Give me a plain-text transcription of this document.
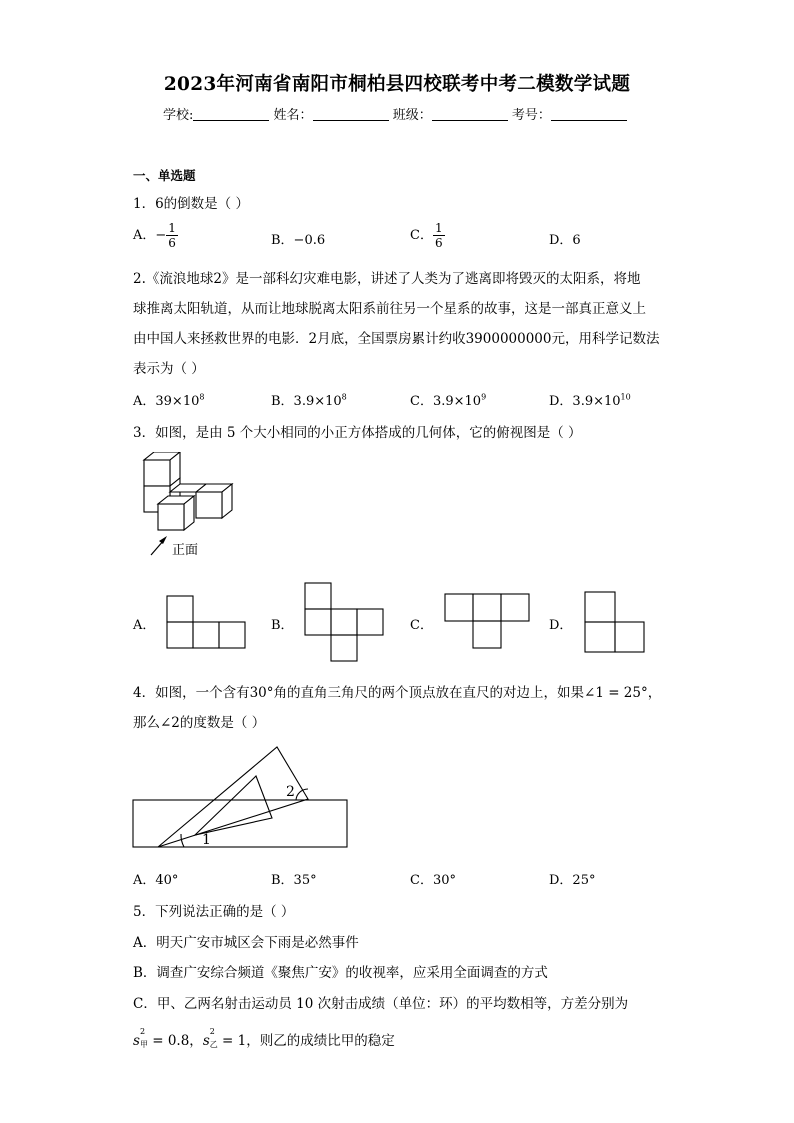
2023年河南省南阳市桐柏县四校联考中考二模数学试题
学校:	姓名：	班级：	考号：
一、单选题
1．6的倒数是（ ）
A．− $\frac{1}{6}$	B．−0.6	C． $\frac{1}{6}$	D．6
2.《流浪地球2》是一部科幻灾难电影，讲述了人类为了逃离即将毁灭的太阳系，将地
球推离太阳轨道，从而让地球脱离太阳系前往另一个星系的故事，这是一部真正意义上
由中国人来拯救世界的电影．2月底，全国票房累计约收3900000000元，用科学记数法
表示为（ ）
A．$39\times 10^8$	B．$3.9\times 10^8$	C．$3.9\times 10^9$	D．$3.9\times 10^{10}$
3．如图，是由 5 个大小相同的小正方体搭成的几何体，它的俯视图是（ ）
正面
A．	B．	C．	D．
4．如图，一个含有30°角的直角三角尺的两个顶点放在直尺的对边上，如果∠1 = 25°，
那么∠2的度数是（ ）
1
2
A．40°	B．35°	C．30°	D．25°
5．下列说法正确的是（ ）
A．明天广安市城区会下雨是必然事件
B．调查广安综合频道《聚焦广安》的收视率，应采用全面调查的方式
C．甲、乙两名射击运动员 10 次射击成绩（单位：环）的平均数相等，方差分别为
s
2
甲 = 0.8，s
2
乙 = 1，则乙的成绩比甲的稳定
